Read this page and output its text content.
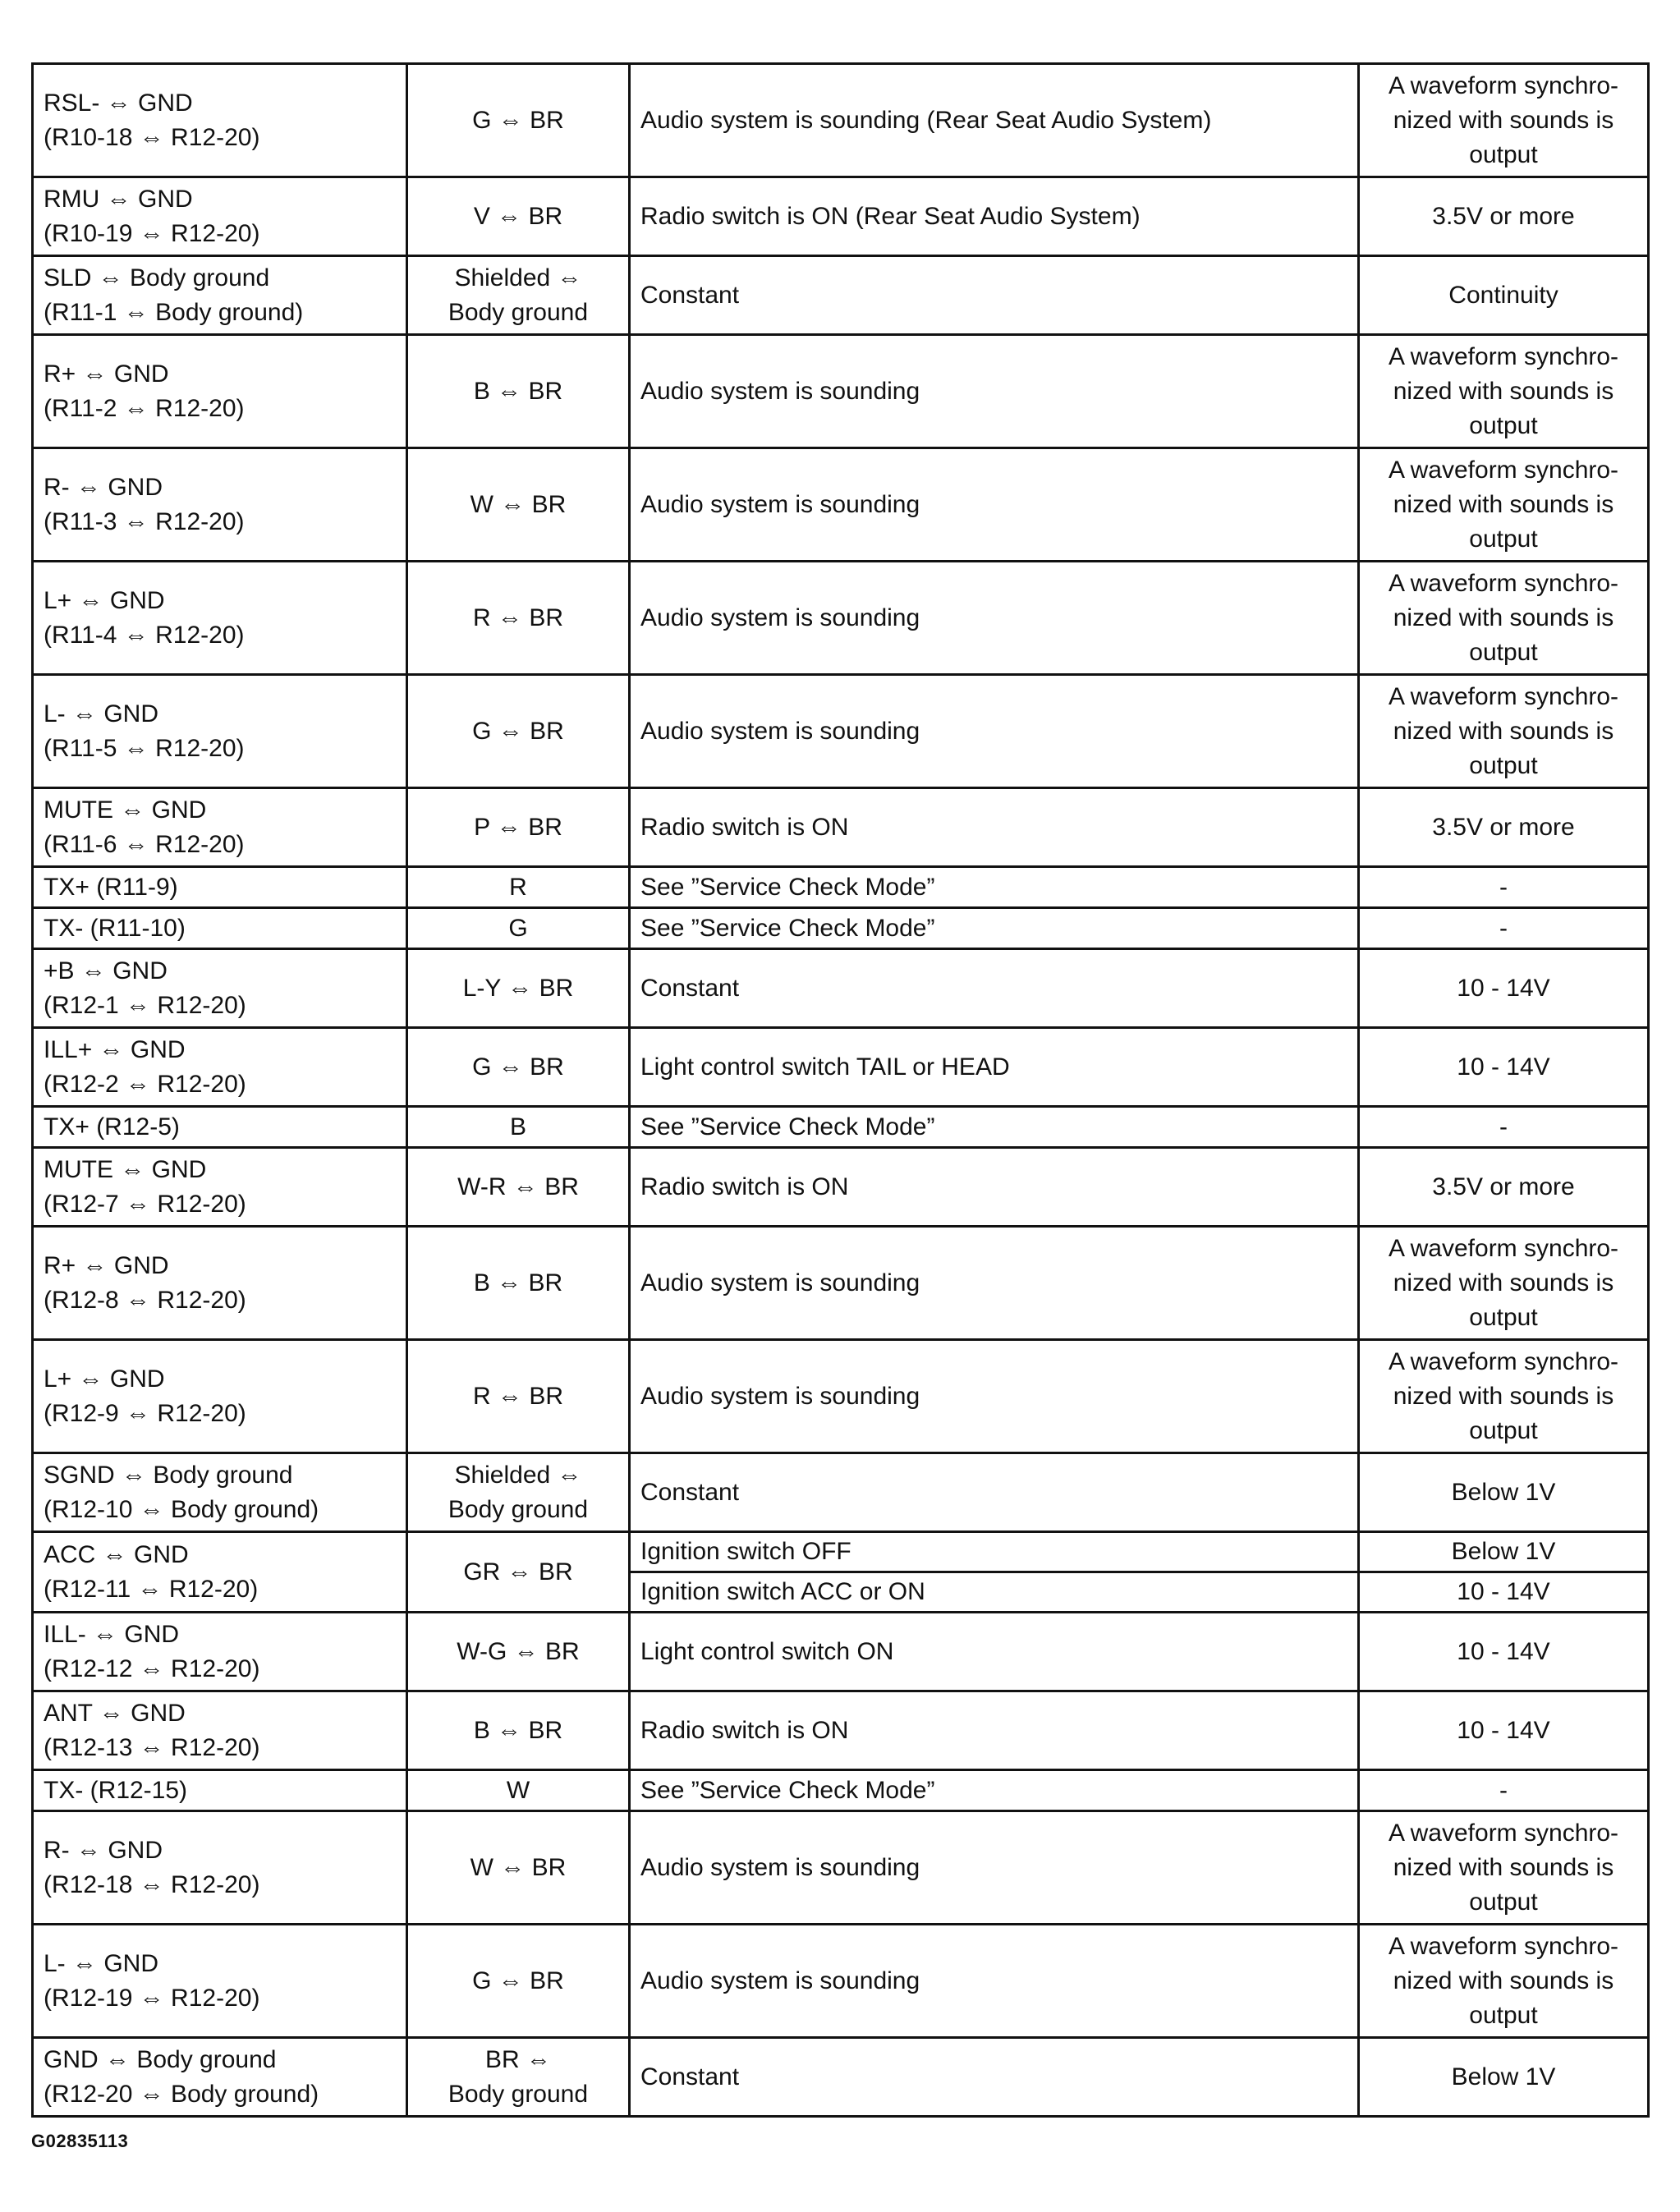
RSL- ⇔ GND
(R10-18 ⇔ R12-20)	G ⇔ BR	Audio system is sounding (Rear Seat Audio System)	A waveform synchro-
nized with sounds is
output

RMU ⇔ GND
(R10-19 ⇔ R12-20)	V ⇔ BR	Radio switch is ON (Rear Seat Audio System)	3.5V or more

SLD ⇔ Body ground
(R11-1 ⇔ Body ground)	Shielded ⇔
Body ground	Constant	Continuity

R+ ⇔ GND
(R11-2 ⇔ R12-20)	B ⇔ BR	Audio system is sounding	A waveform synchro-
nized with sounds is
output

R- ⇔ GND
(R11-3 ⇔ R12-20)	W ⇔ BR	Audio system is sounding	A waveform synchro-
nized with sounds is
output

L+ ⇔ GND
(R11-4 ⇔ R12-20)	R ⇔ BR	Audio system is sounding	A waveform synchro-
nized with sounds is
output

L- ⇔ GND
(R11-5 ⇔ R12-20)	G ⇔ BR	Audio system is sounding	A waveform synchro-
nized with sounds is
output

MUTE ⇔ GND
(R11-6 ⇔ R12-20)	P ⇔ BR	Radio switch is ON	3.5V or more

TX+ (R11-9)	R	See ”Service Check Mode”	-

TX- (R11-10)	G	See ”Service Check Mode”	-

+B ⇔ GND
(R12-1 ⇔ R12-20)	L-Y ⇔ BR	Constant	10 - 14V

ILL+ ⇔ GND
(R12-2 ⇔ R12-20)	G ⇔ BR	Light control switch TAIL or HEAD	10 - 14V

TX+ (R12-5)	B	See ”Service Check Mode”	-

MUTE ⇔ GND
(R12-7 ⇔ R12-20)	W-R ⇔ BR	Radio switch is ON	3.5V or more

R+ ⇔ GND
(R12-8 ⇔ R12-20)	B ⇔ BR	Audio system is sounding	A waveform synchro-
nized with sounds is
output

L+ ⇔ GND
(R12-9 ⇔ R12-20)	R ⇔ BR	Audio system is sounding	A waveform synchro-
nized with sounds is
output

SGND ⇔ Body ground
(R12-10 ⇔ Body ground)	Shielded ⇔
Body ground	Constant	Below 1V

ACC ⇔ GND
(R12-11 ⇔ R12-20)	GR ⇔ BR	Ignition switch OFF	Below 1V

		Ignition switch ACC or ON	10 - 14V

ILL- ⇔ GND
(R12-12 ⇔ R12-20)	W-G ⇔ BR	Light control switch ON	10 - 14V

ANT ⇔ GND
(R12-13 ⇔ R12-20)	B ⇔ BR	Radio switch is ON	10 - 14V

TX- (R12-15)	W	See ”Service Check Mode”	-

R- ⇔ GND
(R12-18 ⇔ R12-20)	W ⇔ BR	Audio system is sounding	A waveform synchro-
nized with sounds is
output

L- ⇔ GND
(R12-19 ⇔ R12-20)	G ⇔ BR	Audio system is sounding	A waveform synchro-
nized with sounds is
output

GND ⇔ Body ground
(R12-20 ⇔ Body ground)	BR ⇔
Body ground	Constant	Below 1V
G02835113
